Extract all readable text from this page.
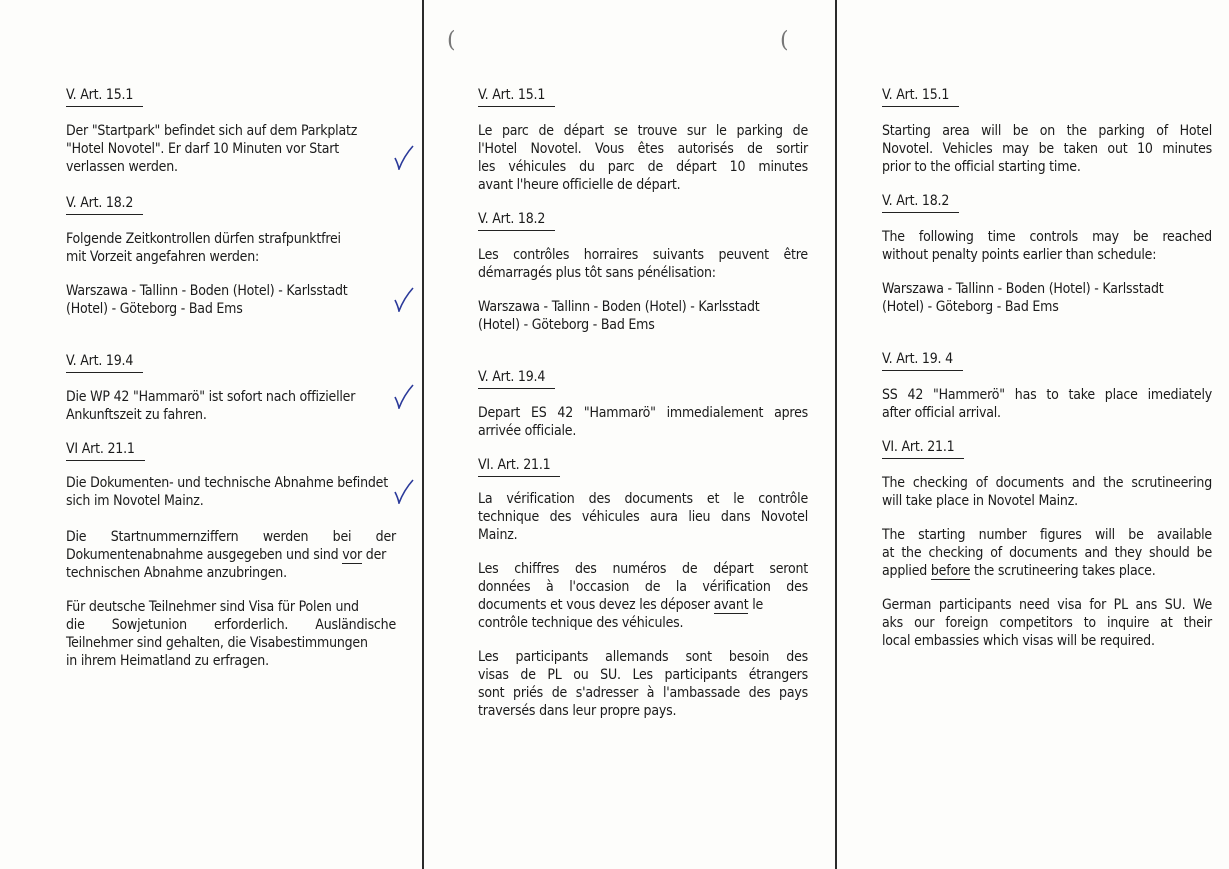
(	(

V. Art. 15.1

Der "Startpark" befindet sich auf dem Parkplatz

"Hotel Novotel". Er darf 10 Minuten vor Start

verlassen werden.

V. Art. 18.2

Folgende Zeitkontrollen dürfen strafpunktfrei

mit Vorzeit angefahren werden:

Warszawa - Tallinn - Boden (Hotel) - Karlsstadt

(Hotel) - Göteborg - Bad Ems

V. Art. 19.4

Die WP 42 "Hammarö" ist sofort nach offizieller

Ankunftszeit zu fahren.

VI Art. 21.1

Die Dokumenten- und technische Abnahme befindet

sich im Novotel Mainz.

Die Startnummernziffern werden bei der

Dokumentenabnahme ausgegeben und sind vor der

technischen Abnahme anzubringen.

Für deutsche Teilnehmer sind Visa für Polen und

die Sowjetunion erforderlich. Ausländische

Teilnehmer sind gehalten, die Visabestimmungen

in ihrem Heimatland zu erfragen.

V. Art. 15.1

Le parc de départ se trouve sur le parking de

l'Hotel Novotel. Vous êtes autorisés de sortir

les véhicules du parc de départ 10 minutes

avant l'heure officielle de départ.

V. Art. 18.2

Les contrôles horraires suivants peuvent être

démarragés plus tôt sans pénélisation:

Warszawa - Tallinn - Boden (Hotel) - Karlsstadt

(Hotel) - Göteborg - Bad Ems

V. Art. 19.4

Depart ES 42 "Hammarö" immedialement apres

arrivée officiale.

VI. Art. 21.1

La vérification des documents et le contrôle

technique des véhicules aura lieu dans Novotel

Mainz.

Les chiffres des numéros de départ seront

données à l'occasion de la vérification des

documents et vous devez les déposer avant le

contrôle technique des véhicules.

Les participants allemands sont besoin des

visas de PL ou SU. Les participants étrangers

sont priés de s'adresser à l'ambassade des pays

traversés dans leur propre pays.

V. Art. 15.1

Starting area will be on the parking of Hotel

Novotel. Vehicles may be taken out 10 minutes

prior to the official starting time.

V. Art. 18.2

The following time controls may be reached

without penalty points earlier than schedule:

Warszawa - Tallinn - Boden (Hotel) - Karlsstadt

(Hotel) - Göteborg - Bad Ems

V. Art. 19. 4

SS 42 "Hammerö" has to take place imediately

after official arrival.

VI. Art. 21.1

The checking of documents and the scrutineering

will take place in Novotel Mainz.

The starting number figures will be available

at the checking of documents and they should be

applied before the scrutineering takes place.

German participants need visa for PL ans SU. We

aks our foreign competitors to inquire at their

local embassies which visas will be required.
